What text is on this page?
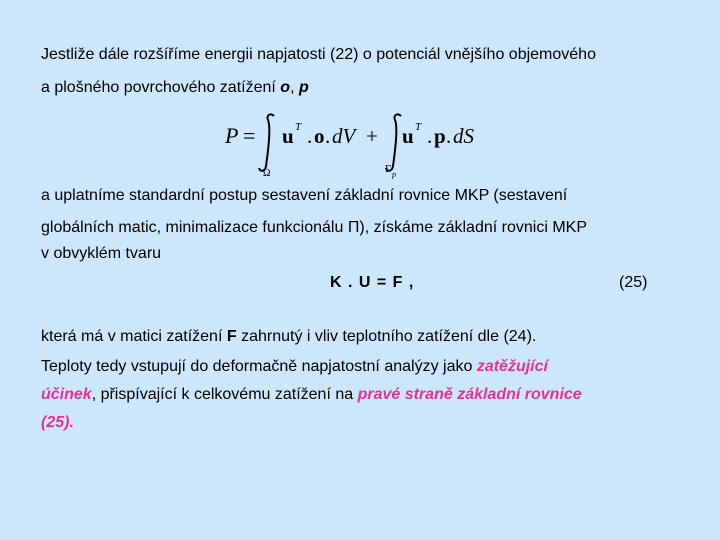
Jestliže dále rozšíříme energii napjatosti (22) o potenciál vnějšího objemového
a plošného povrchového zatížení o, p
P =
Ω
u T . o . dV +
Γ p
u T . p . dS
a uplatníme standardní postup sestavení základní rovnice MKP (sestavení
globálních matic, minimalizace funkcionálu Π), získáme základní rovnici MKP
v obvyklém tvaru
K . U = F ,	(25)
která má v matici zatížení F zahrnutý i vliv teplotního zatížení dle (24).
Teploty tedy vstupují do deformačně napjatostní analýzy jako zatěžující
účinek, přispívající k celkovému zatížení na pravé straně základní rovnice
(25).
